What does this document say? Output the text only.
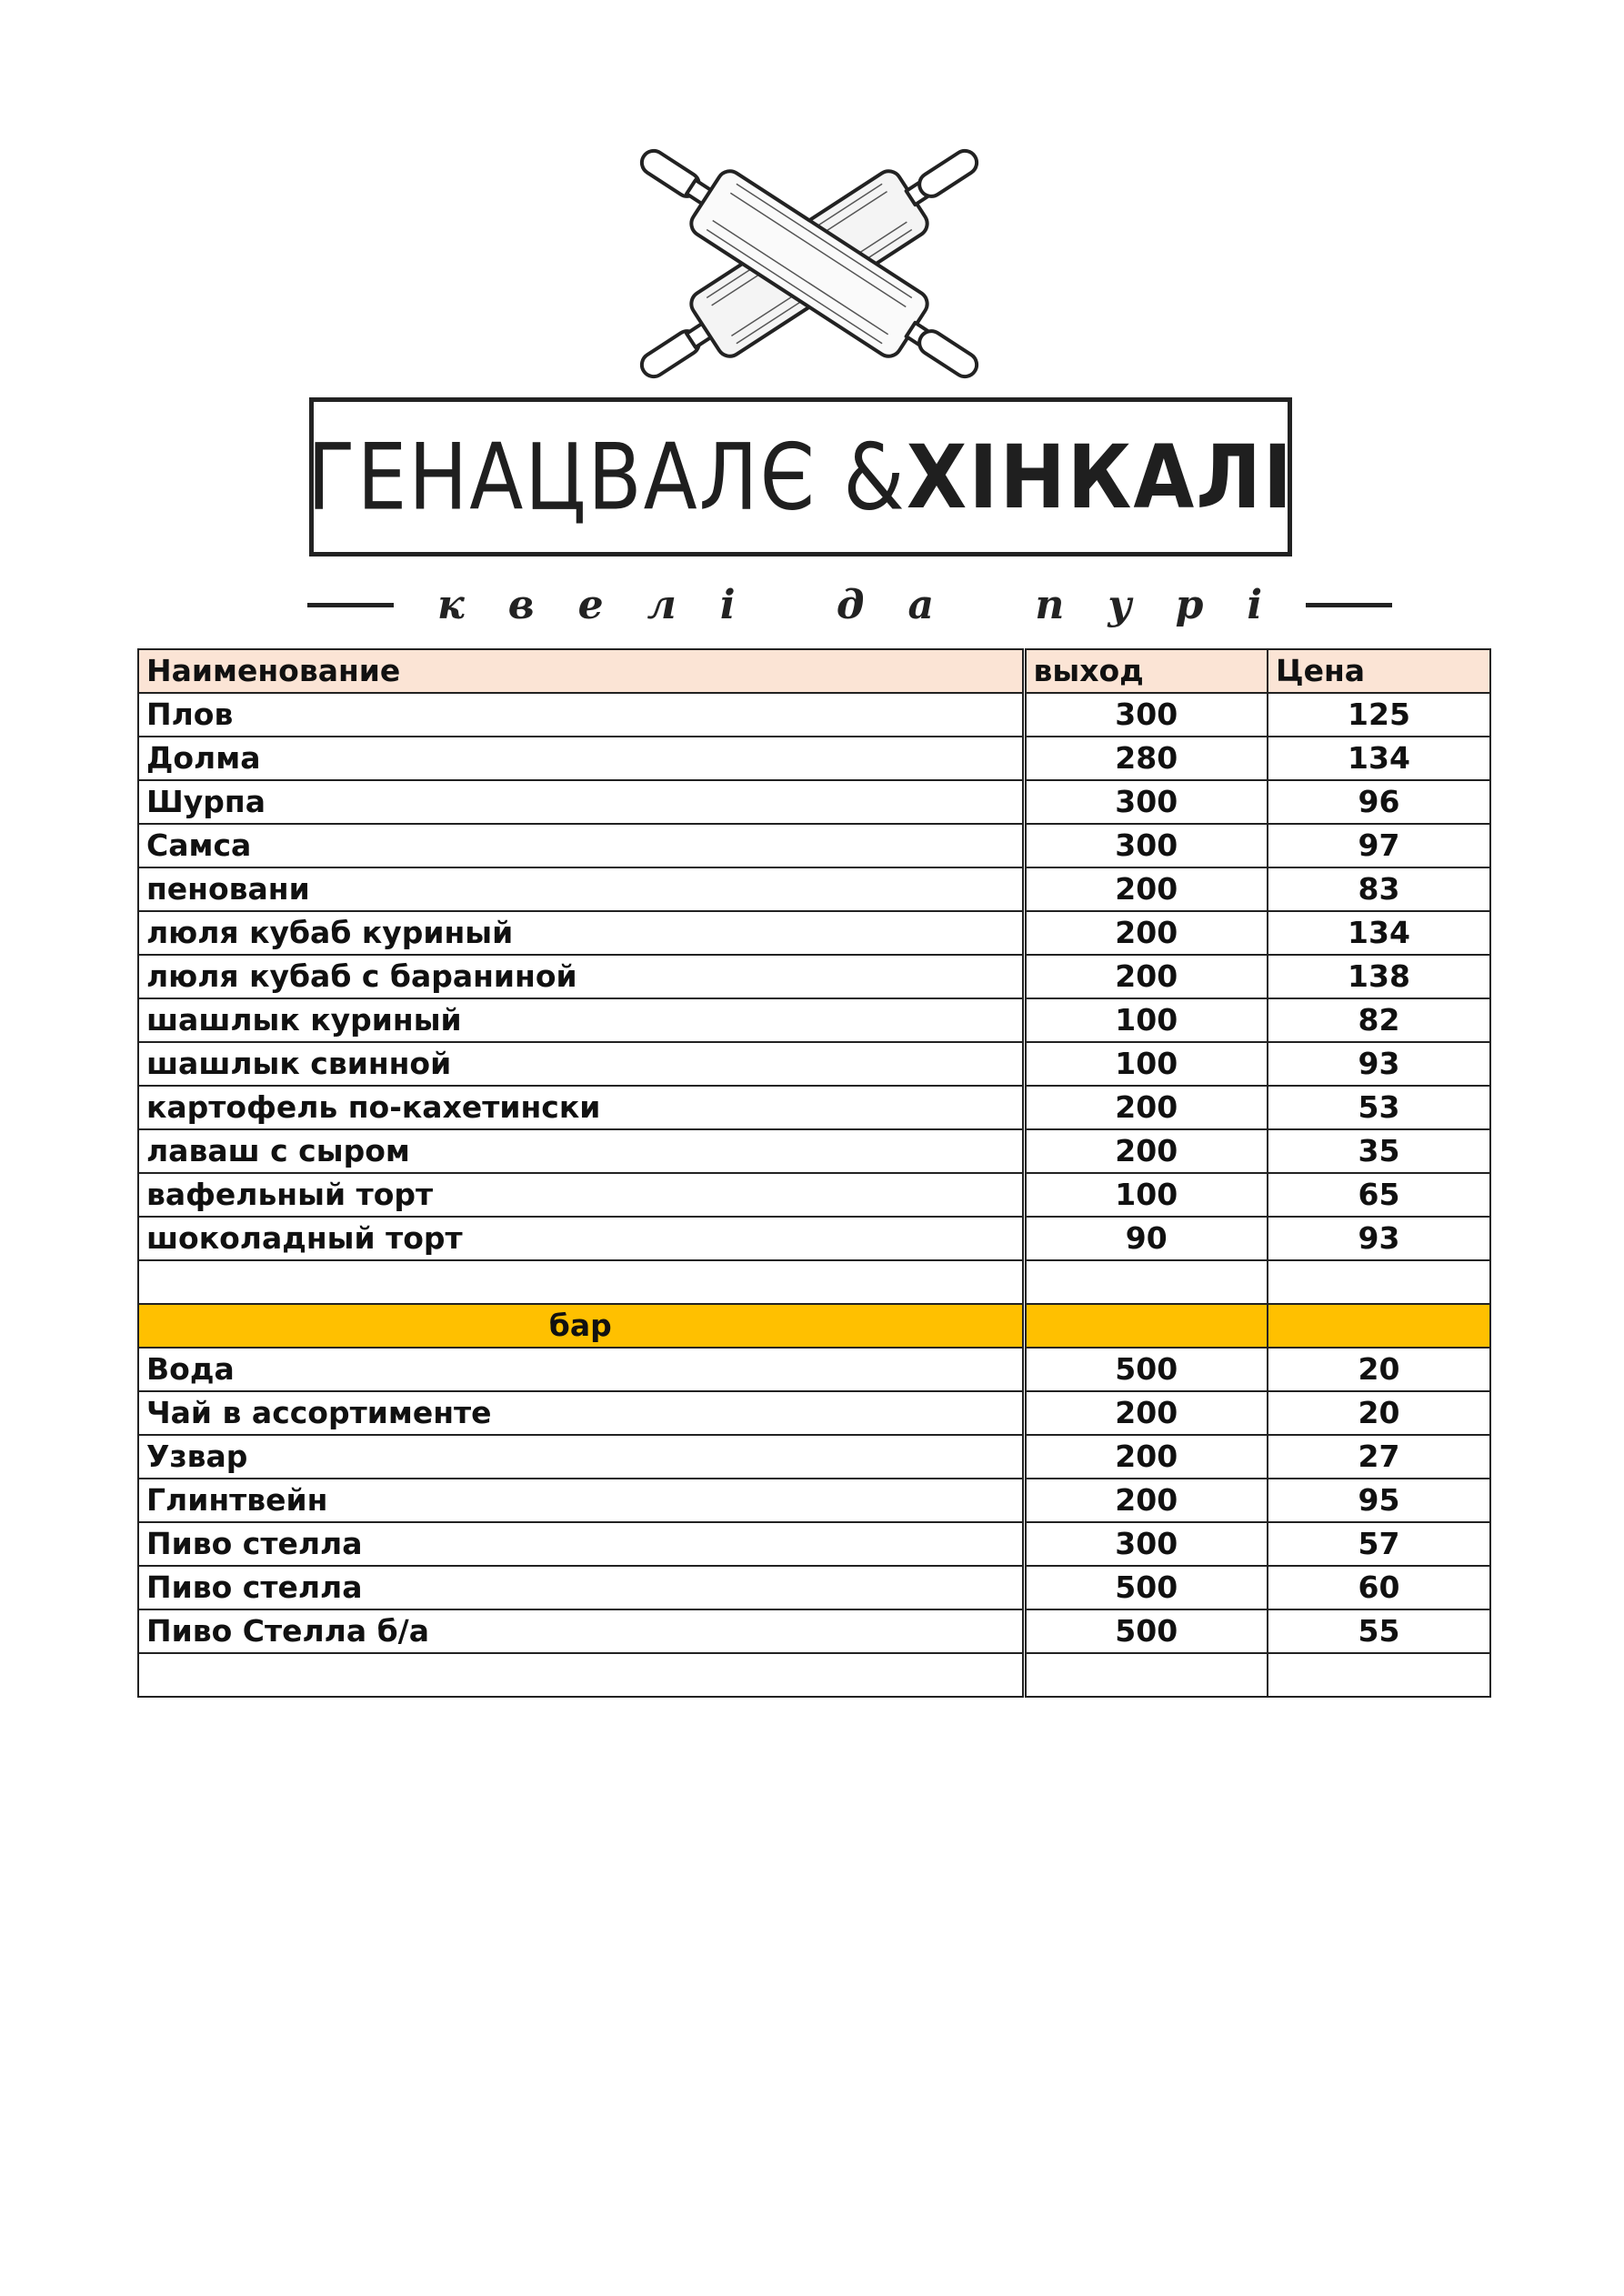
ГЕНАЦВАЛЄ &ХІНКАЛІ
квелі да пурі
Наименование	выход	Цена
Плов	300	125
Долма	280	134
Шурпа	300	96
Самса	300	97
пеновани	200	83
люля кубаб куриный	200	134
люля кубаб с бараниной	200	138
шашлык куриный	100	82
шашлык свинной	100	93
картофель по-кахетински	200	53
лаваш с сыром	200	35
вафельный торт	100	65
шоколадный торт	90	93

бар		
Вода	500	20
Чай в ассортименте	200	20
Узвар	200	27
Глинтвейн	200	95
Пиво стелла	300	57
Пиво стелла	500	60
Пиво Стелла б/а	500	55
